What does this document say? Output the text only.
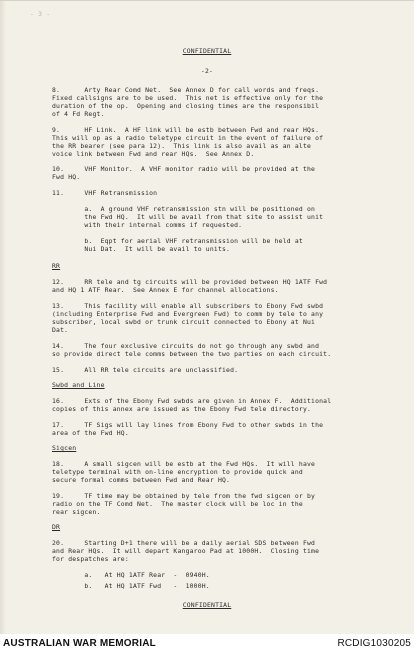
- 3 -
CONFIDENTIAL
-2-
8.      Arty Rear Comd Net.  See Annex D for call words and freqs.
Fixed callsigns are to be used.  This net is effective only for the
duration of the op.  Opening and closing times are the responsibil
of 4 Fd Regt.
9.      HF Link.  A HF link will be estb between Fwd and rear HQs.
This will op as a radio teletype circuit in the event of failure of
the RR bearer (see para 12).  This link is also avail as an alte
voice link between Fwd and rear HQs.  See Annex D.
10.     VHF Monitor.  A VHF monitor radio will be provided at the
Fwd HQ.
11.     VHF Retransmission
a.  A ground VHF retransmission stn will be positioned on
the Fwd HQ.  It will be avail from that site to assist unit
with their internal comms if requested.
b.  Eqpt for aerial VHF retransmission will be held at
Nui Dat.  It will be avail to units.
RR
12.     RR tele and tg circuits will be provided between HQ 1ATF Fwd
and HQ 1 ATF Rear.  See Annex E for channel allocations.
13.     This facility will enable all subscribers to Ebony Fwd swbd
(including Enterprise Fwd and Evergreen Fwd) to comm by tele to any
subscriber, local swbd or trunk circuit connected to Ebony at Nui
Dat.
14.     The four exclusive circuits do not go through any swbd and
so provide direct tele comms between the two parties on each circuit.
15.     All RR tele circuits are unclassified.
Swbd and Line
16.     Exts of the Ebony Fwd swbds are given in Annex F.  Additional
copies of this annex are issued as the Ebony Fwd tele directory.
17.     TF Sigs will lay lines from Ebony Fwd to other swbds in the
area of the Fwd HQ.
Sigcen
18.     A small sigcen will be estb at the Fwd HQs.  It will have
teletype terminal with on-line encryption to provide quick and
secure formal comms between Fwd and Rear HQ.
19.     TF time may be obtained by tele from the fwd sigcen or by
radio on the TF Comd Net.  The master clock will be loc in the
rear sigcen.
DR
20.     Starting D+1 there will be a daily aerial SDS between Fwd
and Rear HQs.  It will depart Kangaroo Pad at 1000H.  Closing time
for despatches are:
a.   At HQ 1ATF Rear  -  0940H.
b.   At HQ 1ATF Fwd   -  1000H.
CONFIDENTIAL
AUSTRALIAN WAR MEMORIAL	RCDIG1030205
